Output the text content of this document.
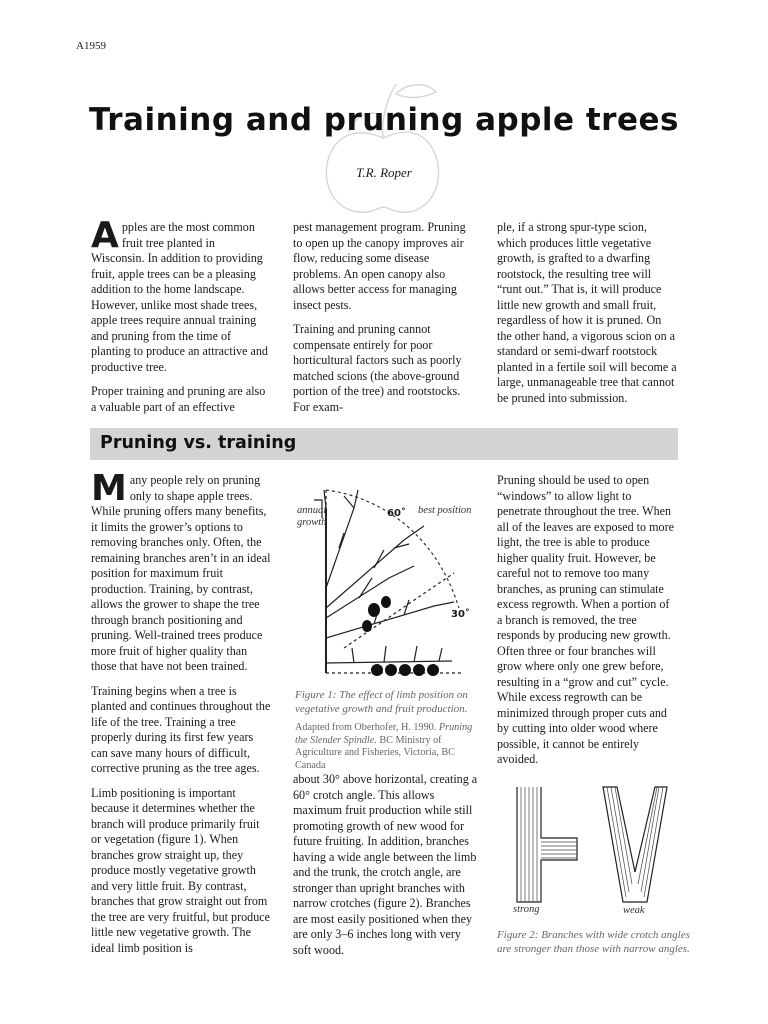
A1959
Training and pruning apple trees
T.R. Roper

Apples are the most common fruit tree planted in Wisconsin. In addition to providing fruit, apple trees can be a pleasing addition to the home landscape. However, unlike most shade trees, apple trees require annual training and pruning from the time of planting to produce an attractive and productive tree.

Proper training and pruning are also a valuable part of an effective

pest management program. Pruning to open up the canopy improves air flow, reducing some disease problems. An open canopy also allows better access for managing insect pests.

Training and pruning cannot compensate entirely for poor horticultural factors such as poorly matched scions (the above-ground portion of the tree) and rootstocks. For exam-

ple, if a strong spur-type scion, which produces little vegetative growth, is grafted to a dwarfing rootstock, the resulting tree will “runt out.” That is, it will produce little new growth and small fruit, regardless of how it is pruned. On the other hand, a vigorous scion on a standard or semi-dwarf rootstock planted in a fertile soil will become a large, unmanageable tree that cannot be pruned into submission.

Pruning vs. training

Many people rely on pruning only to shape apple trees. While pruning offers many benefits, it limits the grower’s options to removing branches only. Often, the remaining branches aren’t in an ideal position for maximum fruit production. Training, by contrast, allows the grower to shape the tree through branch positioning and pruning. Well-trained trees produce more fruit of higher quality than those that have not been trained.

Training begins when a tree is planted and continues throughout the life of the tree. Training a tree properly during its first few years can save many hours of difficult, corrective pruning as the tree ages.

Limb positioning is important because it determines whether the branch will produce primarily fruit or vegetation (figure 1). When branches grow straight up, they produce mostly vegetative growth and very little fruit. By contrast, branches that grow straight out from the tree are very fruitful, but produce little new vegetative growth. The ideal limb position is

annual
growth
60˚ best position
30˚
Figure 1: The effect of limb position on vegetative growth and fruit production.
Adapted from Oberhofer, H. 1990. Pruning the Slender Spindle. BC Ministry of Agriculture and Fisheries, Victoria, BC Canada

about 30° above horizontal, creating a 60° crotch angle. This allows maximum fruit production while still promoting growth of new wood for future fruiting. In addition, branches having a wide angle between the limb and the trunk, the crotch angle, are stronger than upright branches with narrow crotches (figure 2). Branches are most easily positioned when they are only 3–6 inches long with very soft wood.

Pruning should be used to open “windows” to allow light to penetrate throughout the tree. When all of the leaves are exposed to more light, the tree is able to produce higher quality fruit. However, be careful not to remove too many branches, as pruning can stimulate excess regrowth. When a portion of a branch is removed, the tree responds by producing new growth. Often three or four branches will grow where only one grew before, resulting in a “grow and cut” cycle. While excess regrowth can be minimized through proper cuts and by cutting into older wood where possible, it cannot be entirely avoided.

strong	weak
Figure 2: Branches with wide crotch angles are stronger than those with narrow angles.
